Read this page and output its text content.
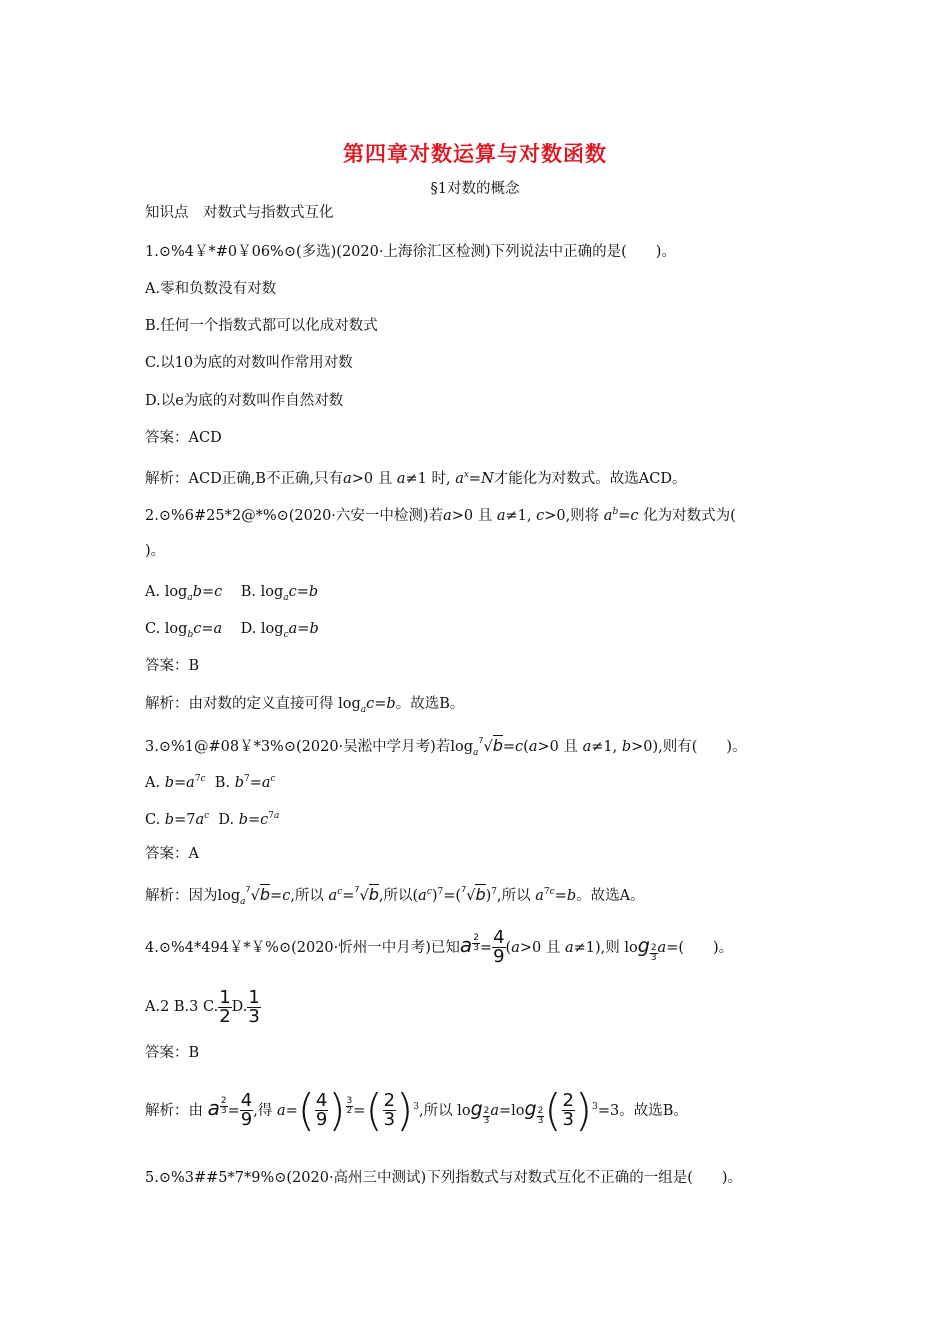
第四章对数运算与对数函数
§1对数的概念
知识点　对数式与指数式互化
1.⊙%4￥*#0￥06%⊙(多选)(2020·上海徐汇区检测)下列说法中正确的是(　　)。
A.零和负数没有对数
B.任何一个指数式都可以化成对数式
C.以10为底的对数叫作常用对数
D.以e为底的对数叫作自然对数
答案：ACD
解析：ACD正确,B不正确,只有a>0 且 a≠1 时, $a^x=N$才能化为对数式。故选ACD。
2.⊙%6#25*2@*%⊙(2020·六安一中检测)若a>0 且 a≠1, c>0,则将 $a^b=c$ 化为对数式为(
)。
A. $\log_ab=c$    B. $\log_ac=b$
C. $\log_bc=a$    D. $\log_ca=b$
答案：B
解析：由对数的定义直接可得 $\log_ac=b$。故选B。
3.⊙%1@#08￥*3%⊙(2020·吴淞中学月考)若$\log_a^7√b=c(a>0$ 且 a≠1, b>0),则有(　　)。
A. $b=a^{7c}$  B. $b^7=a^c$
C. $b=7a^c$  D. $b=c^{7a}$
答案：A
解析：因为$\log_a^7√b=c$,所以 $a^c=^7√b$,所以$(a^c)^7=(^7√b)^7$,所以 $a^{7c}=b$。故选A。
4.⊙%4*494￥*￥%⊙(2020·忻州一中月考)已知a $^{\frac{2}{3}} = \frac{4}{9} (a>0$ 且 a≠1),则 log $_{\frac{2}{3}}$ a=(　　)。
A.2 B.3 C. $\frac{1}{2} D$. $\frac{1}{3}$
答案：B
解析：由 a $^{\frac{2}{3}} = \frac{4}{9}$ ,得 $a=( \frac{4}{9}$ ) $^{\frac{3}{2}}$ =( $\frac{2}{3} )^3$,所以 log $_{\frac{2}{3}}$ a=log $_{\frac{2}{3}}$ ( $\frac{2}{3} )^3=3$。故选B。
5.⊙%3##5*7*9%⊙(2020·高州三中测试)下列指数式与对数式互化不正确的一组是(　　)。
